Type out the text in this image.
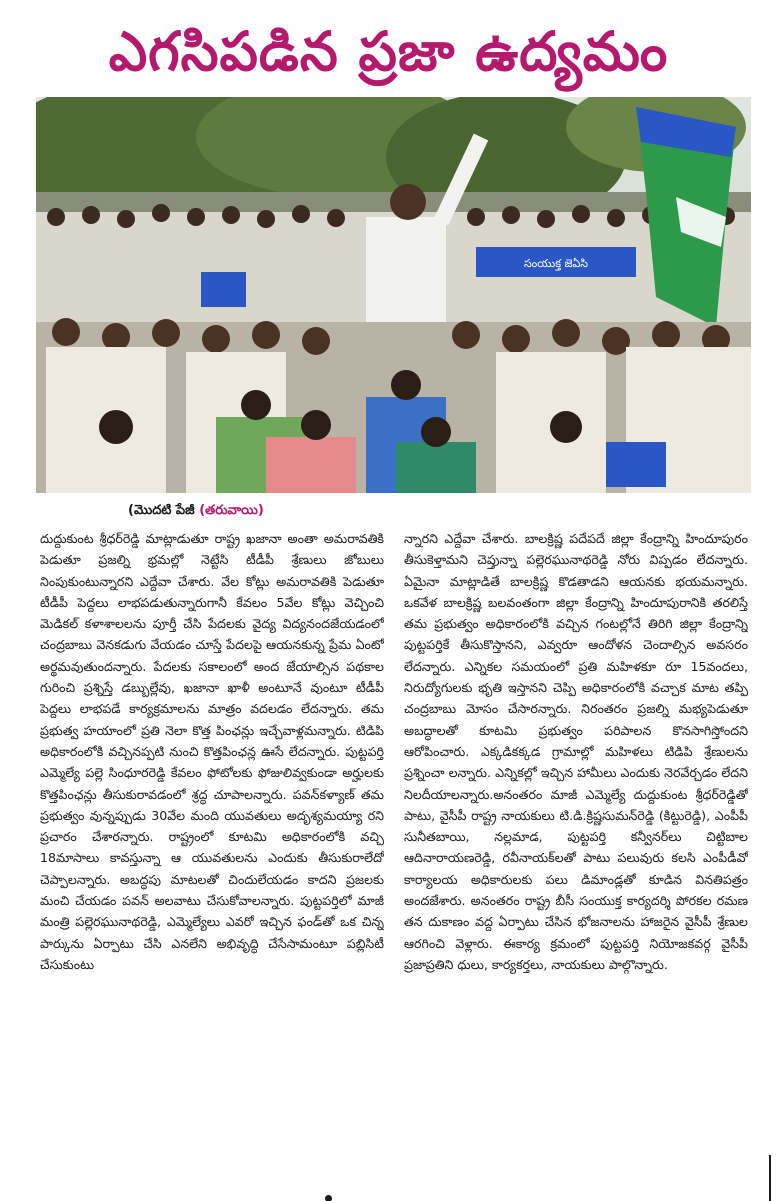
ఎగసిపడిన ప్రజా ఉద్యమం
సంయుక్త జెఏసి
(మొదటి పేజీ (తరువాయి)

దుద్దుకుంట శ్రీధర్‌రెడ్డి మాట్లాడుతూ రాష్ట్ర ఖజానా అంతా అమరావతికి పెడుతూ ప్రజల్ని భ్రమల్లో నెట్టేసి టీడీపీ శ్రేణులు జోబులు నింపుకుంటున్నారని ఎద్దేవా చేశారు. వేల కోట్లు అమరావతికి పెడుతూ టీడీపీ పెద్దలు లాభపడుతున్నారుగానీ కేవలం 5వేల కోట్లు వెచ్చించి మెడికల్ కళాశాలలను పూర్తీ చేసి పేదలకు వైద్య విద్యనందజేయడంలో చంద్రబాబు వెనకడుగు వేయడం చూస్తే పేదలపై ఆయనకున్న ప్రేమ ఏంటో అర్థమవుతుందన్నారు. పేదలకు సకాలంలో అంద జేయాల్సిన పథకాల గురించి ప్రశ్నిస్తే డబ్బుల్లేవు, ఖజానా ఖాళీ అంటూనే వుంటూ టీడీపీ పెద్దలు లాభపడే కార్యక్రమాలను మాత్రం వదలడం లేదన్నారు. తమ ప్రభుత్వ హయాంలో ప్రతి నెలా కొత్త పింఛన్లు ఇచ్చేవాళ్లమన్నారు. టిడిపి అధికారంలోకి వచ్చినప్పటి నుంచి కొత్తపింఛన్ల ఊసే లేదన్నారు. పుట్టపర్తి ఎమ్మెల్యే పల్లె సింధూరరెడ్డి కేవలం ఫోటోలకు ఫోజులివ్వకుండా అర్హులకు కొత్తపింఛన్లు తీసుకురావడంలో శ్రద్ధ చూపాలన్నారు. పవన్‌కళ్యాణ్ తమ ప్రభుత్వం వున్నప్పుడు 30వేల మంది యువతులు అదృశ్యమయ్యా రని ప్రచారం చేశారన్నారు. రాష్ట్రంలో కూటమి అధికారంలోకి వచ్చి 18మాసాలు కావస్తున్నా ఆ యువతులను ఎందుకు తీసుకురాలేదో చెప్పాలన్నారు. అబద్ధపు మాటలతో చిందులేయడం కాదని ప్రజలకు మంచి చేయడం పవన్ అలవాటు చేసుకోవాలన్నారు. పుట్టపర్తిలో మాజీ మంత్రి పల్లెరఘునాథరెడ్డి, ఎమ్మెల్యేలు ఎవరో ఇచ్చిన ఫండ్‌తో ఒక చిన్న పార్కును ఏర్పాటు చేసి ఎనలేని అభివృద్ధి చేసేసామంటూ పబ్లిసిటీ చేసుకుంటు

న్నారని ఎద్దేవా చేశారు. బాలక్రిష్ణ పదేపదే జిల్లా కేంద్రాన్ని హిందూపురం తీసుకెళ్తామని చెప్తున్నా పల్లెరఘునాథరెడ్డి నోరు విప్పడం లేదన్నారు. ఏమైనా మాట్లాడితే బాలక్రిష్ణ కొడతాడని ఆయనకు భయమన్నారు. ఒకవేళ బాలక్రిష్ణ బలవంతంగా జిల్లా కేంద్రాన్ని హిందూపురానికి తరలిస్తే తమ ప్రభుత్వం అధికారంలోకి వచ్చిన గంటల్లోనే తిరిగి జిల్లా కేంద్రాన్ని పుట్టపర్తికే తీసుకొస్తానని, ఎవ్వరూ ఆందోళన చెందాల్సిన అవసరం లేదన్నారు. ఎన్నికల సమయంలో ప్రతి మహిళకూ రూ 15వందలు, నిరుద్యోగులకు భృతి ఇస్తానని చెప్పి అధికారంలోకి వచ్చాక మాట తప్పి చంద్రబాబు మోసం చేసారన్నారు. నిరంతరం ప్రజల్ని మభ్యపెడుతూ అబద్ధాలతో కూటమి ప్రభుత్వం పరిపాలన కొనసాగిస్తోందని ఆరోపించారు. ఎక్కడికక్కడ గ్రామాల్లో మహిళలు టిడిపి శ్రేణులను ప్రశ్నించా లన్నారు. ఎన్నికల్లో ఇచ్చిన హామీలు ఎందుకు నెరవేర్చడం లేదని నిలదీయాలన్నారు.అనంతరం మాజీ ఎమ్మెల్యే దుద్దుకుంట శ్రీధర్‌రెడ్డితో పాటు, వైసీపీ రాష్ట్ర నాయకులు టి.డి.క్రిష్ణసుమన్‌రెడ్డి (కిట్టురెడ్డి), ఎంపీపీ సునీతబాయి, నల్లమాడ, పుట్టపర్తి కన్వీనర్‌లు చిట్టిబాల ఆదినారాయణరెడ్డి, రవీనాయక్‌లతో పాటు పలువురు కలసి ఎంపీడీవో కార్యాలయ అధికారులకు పలు డిమాండ్లతో కూడిన వినతిపత్రం అందజేశారు. అనంతరం రాష్ట్ర బీసీ సంయుక్త కార్యదర్శి పోరకల రమణ తన దుకాణం వద్ద ఏర్పాటు చేసిన భోజనాలను హాజరైన వైసీపీ శ్రేణుల ఆరగించి వెళ్లారు. ఈకార్య క్రమంలో పుట్టపర్తి నియోజకవర్గ వైసీపీ ప్రజాప్రతిని ధులు, కార్యకర్తలు, నాయకులు పాల్గొన్నారు.
